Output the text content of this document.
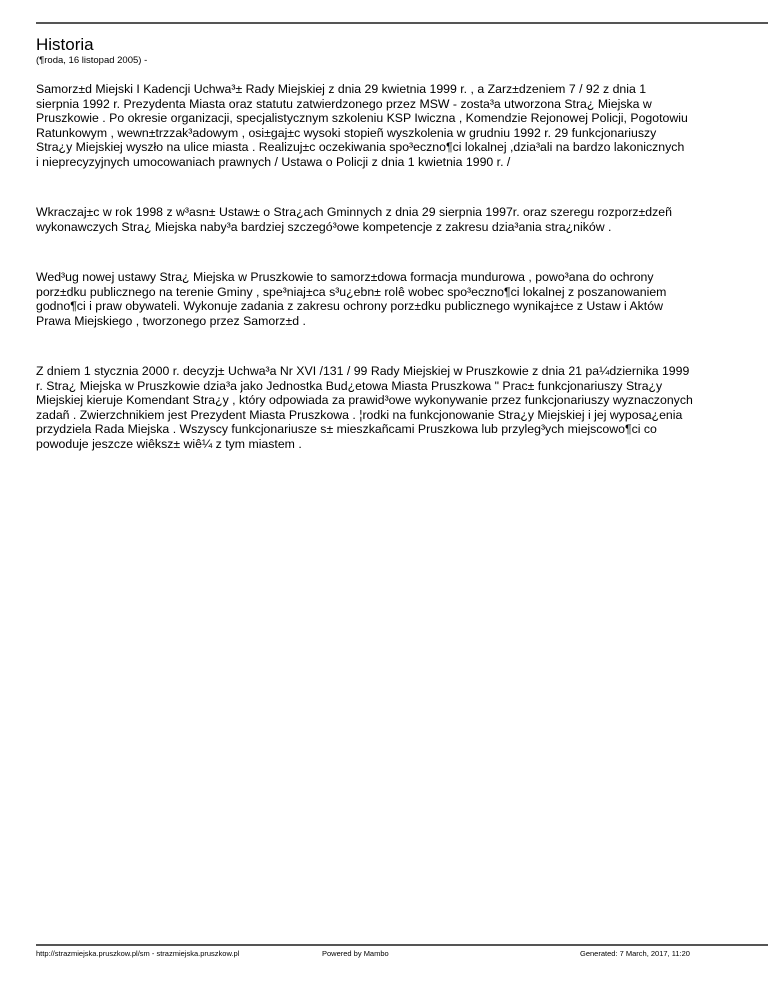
Historia
(¶roda, 16 listopad 2005) -

Samorz±d Miejski I Kadencji Uchwa³± Rady Miejskiej z dnia 29 kwietnia 1999 r. , a Zarz±dzeniem 7 / 92 z dnia 1
sierpnia 1992 r. Prezydenta Miasta oraz statutu zatwierdzonego przez MSW - zosta³a utworzona Stra¿ Miejska w
Pruszkowie . Po okresie organizacji, specjalistycznym szkoleniu KSP Iwiczna , Komendzie Rejonowej Policji, Pogotowiu
Ratunkowym , wewn±trzzak³adowym , osi±gaj±c wysoki stopieñ wyszkolenia w grudniu 1992 r. 29 funkcjonariuszy
Stra¿y Miejskiej wyszło na ulice miasta . Realizuj±c oczekiwania spo³eczno¶ci lokalnej ,dzia³ali na bardzo lakonicznych
i nieprecyzyjnych umocowaniach prawnych / Ustawa o Policji z dnia 1 kwietnia 1990 r. /

Wkraczaj±c w rok 1998 z w³asn± Ustaw± o Stra¿ach Gminnych z dnia 29 sierpnia 1997r. oraz szeregu rozporz±dzeñ
wykonawczych Stra¿ Miejska naby³a bardziej szczegó³owe kompetencje z zakresu dzia³ania stra¿ników .

Wed³ug nowej ustawy Stra¿ Miejska w Pruszkowie to samorz±dowa formacja mundurowa , powo³ana do ochrony
porz±dku publicznego na terenie Gminy , spe³niaj±ca s³u¿ebn± rolê wobec spo³eczno¶ci lokalnej z poszanowaniem
godno¶ci i praw obywateli. Wykonuje zadania z zakresu ochrony porz±dku publicznego wynikaj±ce z Ustaw i Aktów
Prawa Miejskiego , tworzonego przez Samorz±d .

Z dniem 1 stycznia 2000 r. decyzj± Uchwa³a Nr XVI /131 / 99 Rady Miejskiej w Pruszkowie z dnia 21 pa¼dziernika 1999
r. Stra¿ Miejska w Pruszkowie dzia³a jako Jednostka Bud¿etowa Miasta Pruszkowa " Prac± funkcjonariuszy Stra¿y
Miejskiej kieruje Komendant Stra¿y , który odpowiada za prawid³owe wykonywanie przez funkcjonariuszy wyznaczonych
zadañ . Zwierzchnikiem jest Prezydent Miasta Pruszkowa . ¦rodki na funkcjonowanie Stra¿y Miejskiej i jej wyposa¿enia
przydziela Rada Miejska . Wszyscy funkcjonariusze s± mieszkañcami Pruszkowa lub przyleg³ych miejscowo¶ci co
powoduje jeszcze wiêksz± wiê¼ z tym miastem .

http://strazmiejska.pruszkow.pl/sm - strazmiejska.pruszkow.pl	Powered by Mambo	Generated: 7 March, 2017, 11:20
